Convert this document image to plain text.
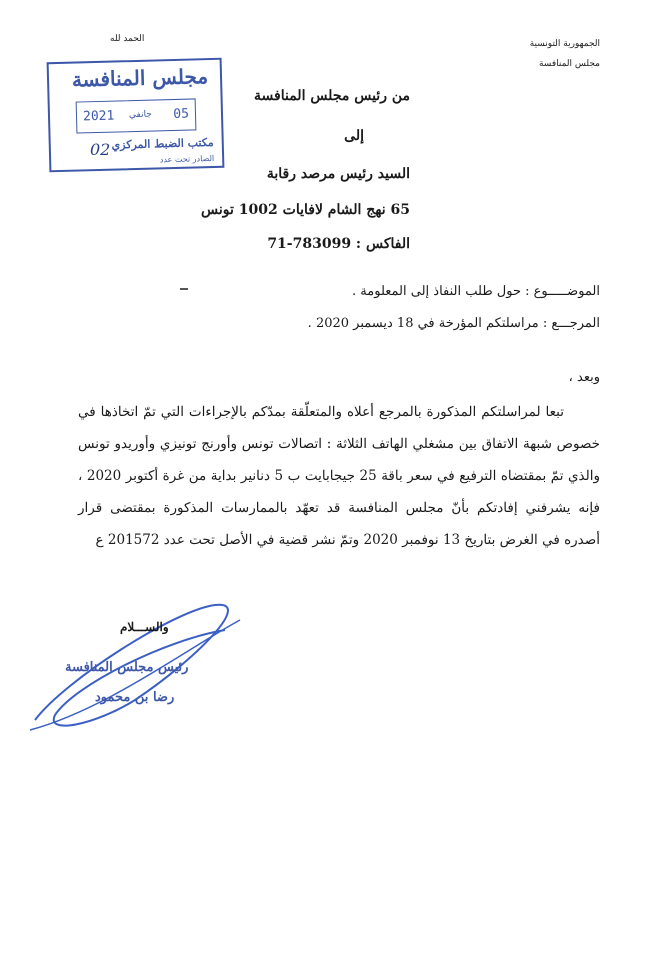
الجمهورية التونسية
مجلس المنافسة
الحمد لله
مجلس المنافسة
2021 جانفي 05
مكتب الضبط المركزي
الصادر تحت عدد
02
من رئيس مجلس المنافسة
إلى
السيد رئيس مرصد رقابة
65 نهج الشام لافايات 1002 تونس
الفاكس : 783099-71
الموضـــــوع : حول طلب النفاذ إلى المعلومة .
المرجـــع : مراسلتكم المؤرخة في 18 ديسمبر 2020 .
وبعد ،
تبعا لمراسلتكم المذكورة بالمرجع أعلاه والمتعلّقة بمدّكم بالإجراءات التي تمّ اتخاذها في خصوص شبهة الاتفاق بين مشغلي الهاتف الثلاثة : اتصالات تونس وأورنج تونيزي وأوريدو تونس والذي تمّ بمقتضاه الترفيع في سعر باقة 25 جيجابايت ب 5 دنانير بداية من غرة أكتوبر 2020 ، فإنه يشرفني إفادتكم بأنّ مجلس المنافسة قد تعهّد بالممارسات المذكورة بمقتضى قرار أصدره في الغرض بتاريخ 13 نوفمبر 2020 وتمّ نشر قضية في الأصل تحت عدد 201572 ع
والســـلام
رئيس مجلس المنافسة
رضا بن محمود
